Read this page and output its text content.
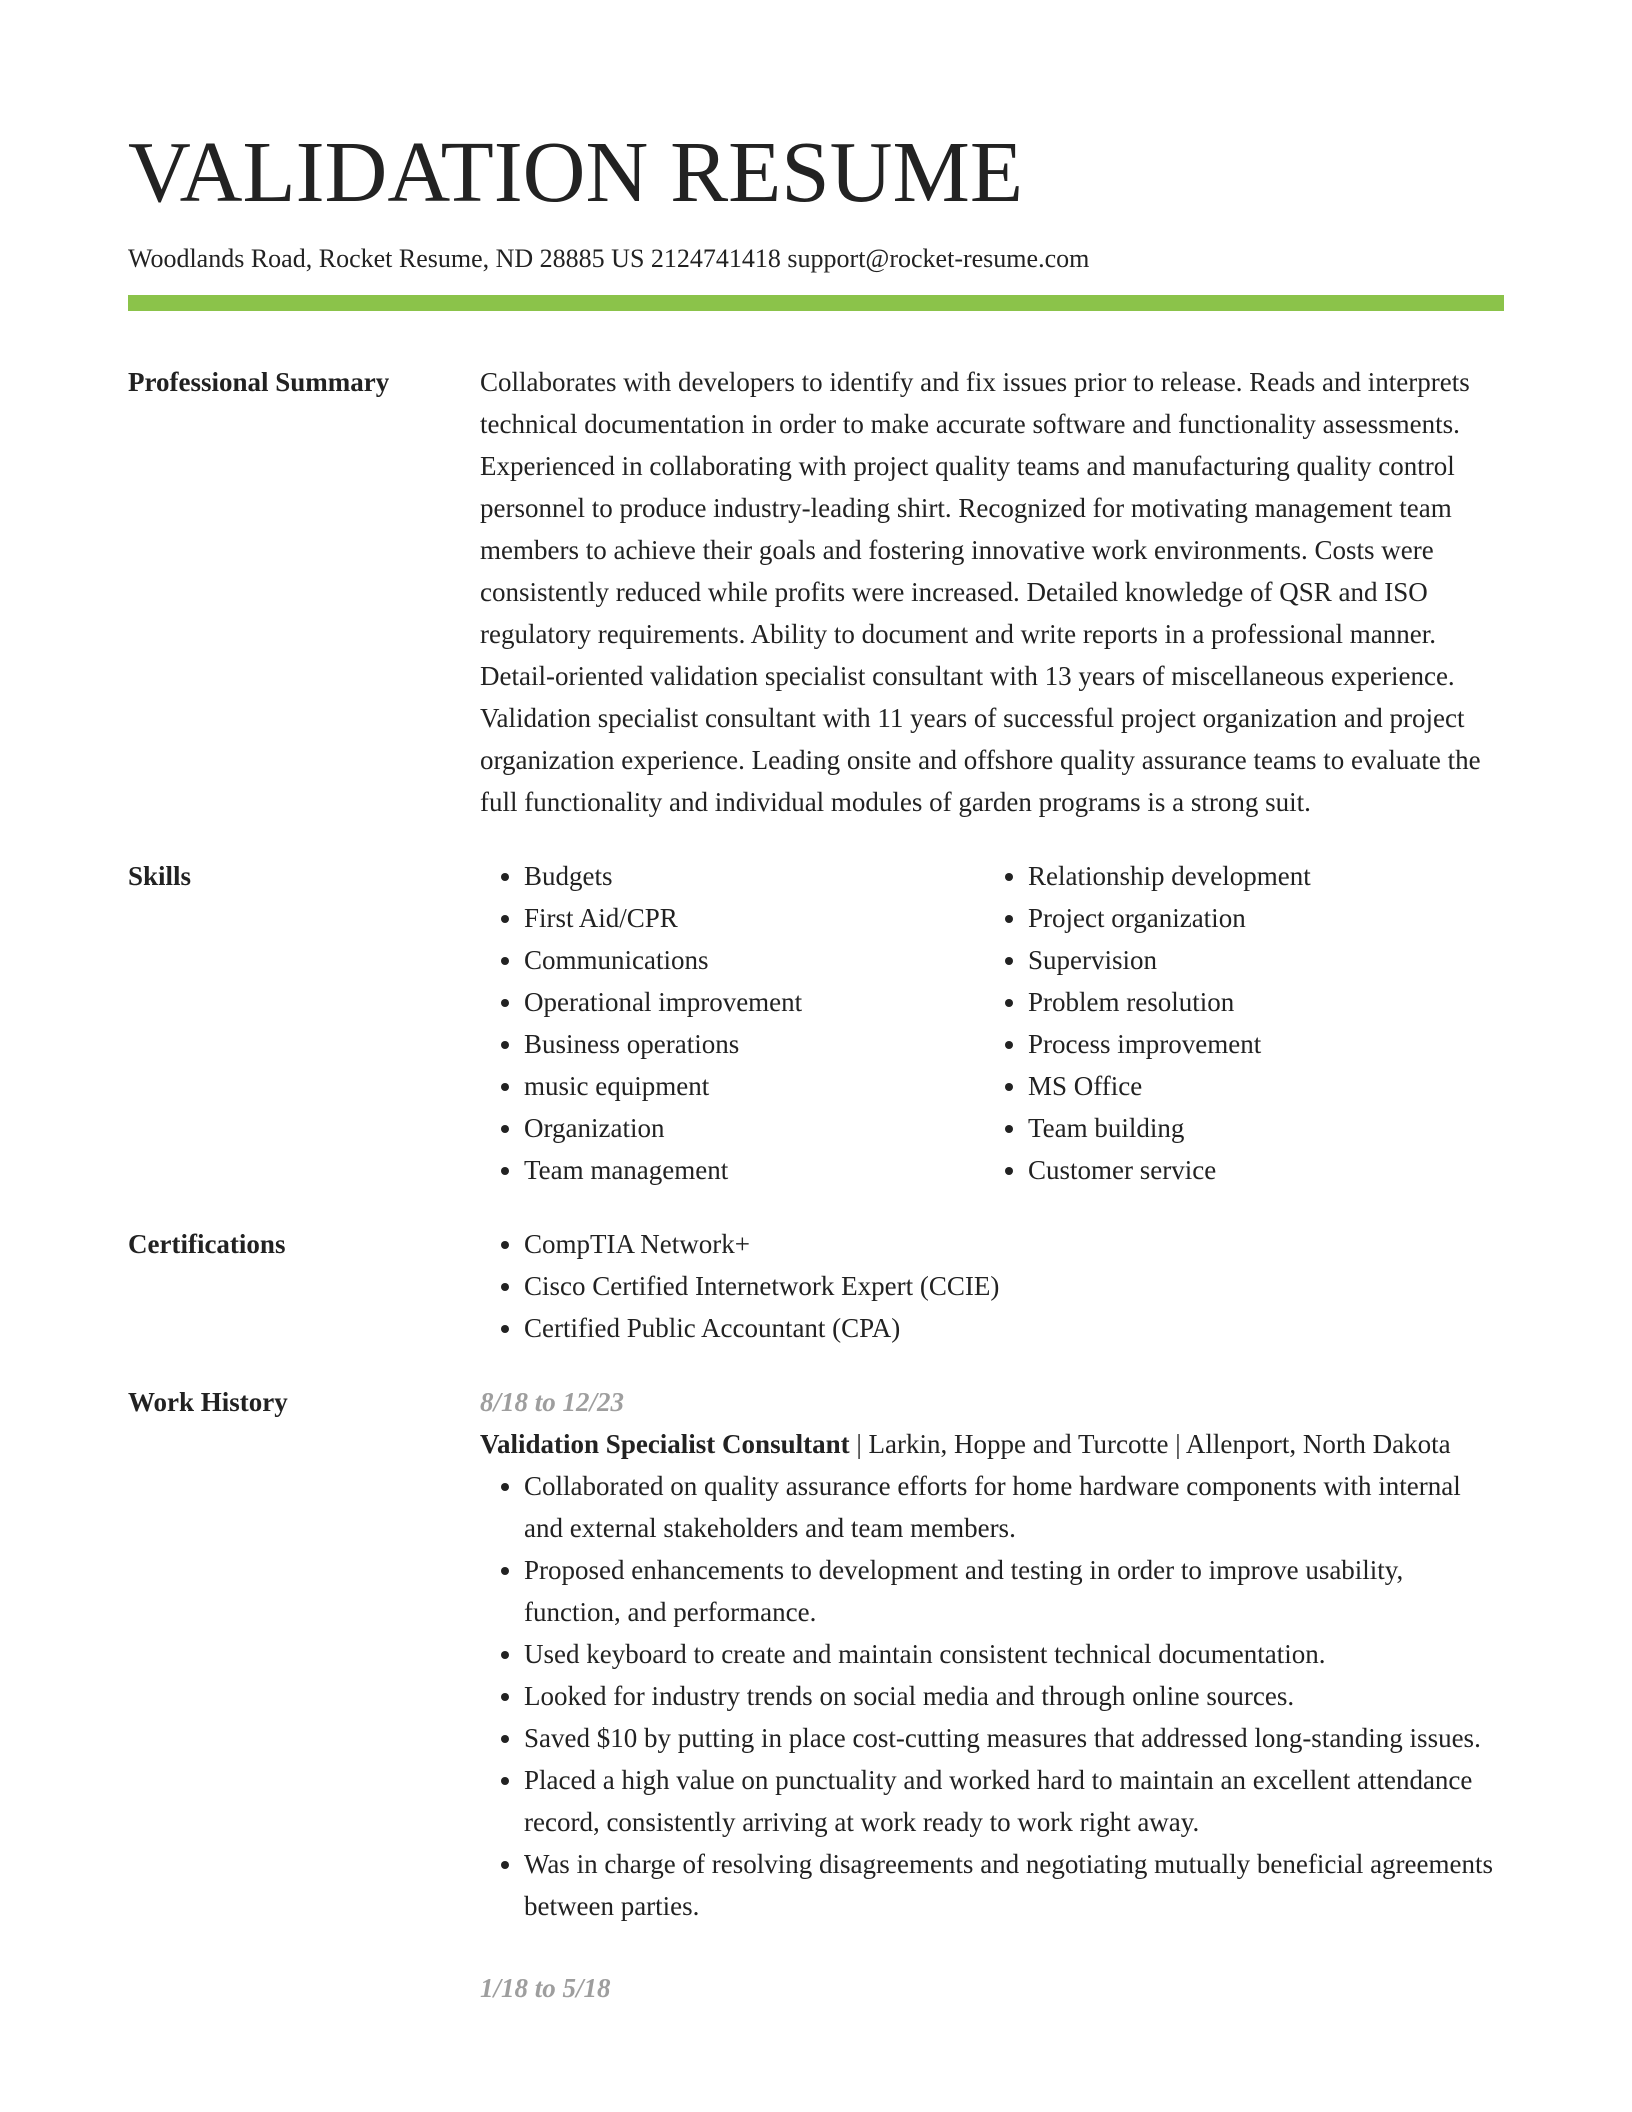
VALIDATION RESUME
Woodlands Road, Rocket Resume, ND 28885 US 2124741418 support@rocket-resume.com
Professional Summary	Collaborates with developers to identify and fix issues prior to release. Reads and interprets technical documentation in order to make accurate software and functionality assessments. Experienced in collaborating with project quality teams and manufacturing quality control personnel to produce industry-leading shirt. Recognized for motivating management team members to achieve their goals and fostering innovative work environments. Costs were consistently reduced while profits were increased. Detailed knowledge of QSR and ISO regulatory requirements. Ability to document and write reports in a professional manner. Detail-oriented validation specialist consultant with 13 years of miscellaneous experience. Validation specialist consultant with 11 years of successful project organization and project organization experience. Leading onsite and offshore quality assurance teams to evaluate the full functionality and individual modules of garden programs is a strong suit.

Skills	• Budgets
• First Aid/CPR
• Communications
• Operational improvement
• Business operations
• music equipment
• Organization
• Team management
• Relationship development
• Project organization
• Supervision
• Problem resolution
• Process improvement
• MS Office
• Team building
• Customer service
Certifications	• CompTIA Network+
• Cisco Certified Internetwork Expert (CCIE)
• Certified Public Accountant (CPA)
Work History	8/18 to 12/23

Validation Specialist Consultant | Larkin, Hoppe and Turcotte | Allenport, North Dakota

• Collaborated on quality assurance efforts for home hardware components with internal and external stakeholders and team members.
• Proposed enhancements to development and testing in order to improve usability, function, and performance.
• Used keyboard to create and maintain consistent technical documentation.
• Looked for industry trends on social media and through online sources.
• Saved $10 by putting in place cost-cutting measures that addressed long-standing issues.
• Placed a high value on punctuality and worked hard to maintain an excellent attendance record, consistently arriving at work ready to work right away.
• Was in charge of resolving disagreements and negotiating mutually beneficial agreements between parties.
1/18 to 5/18
